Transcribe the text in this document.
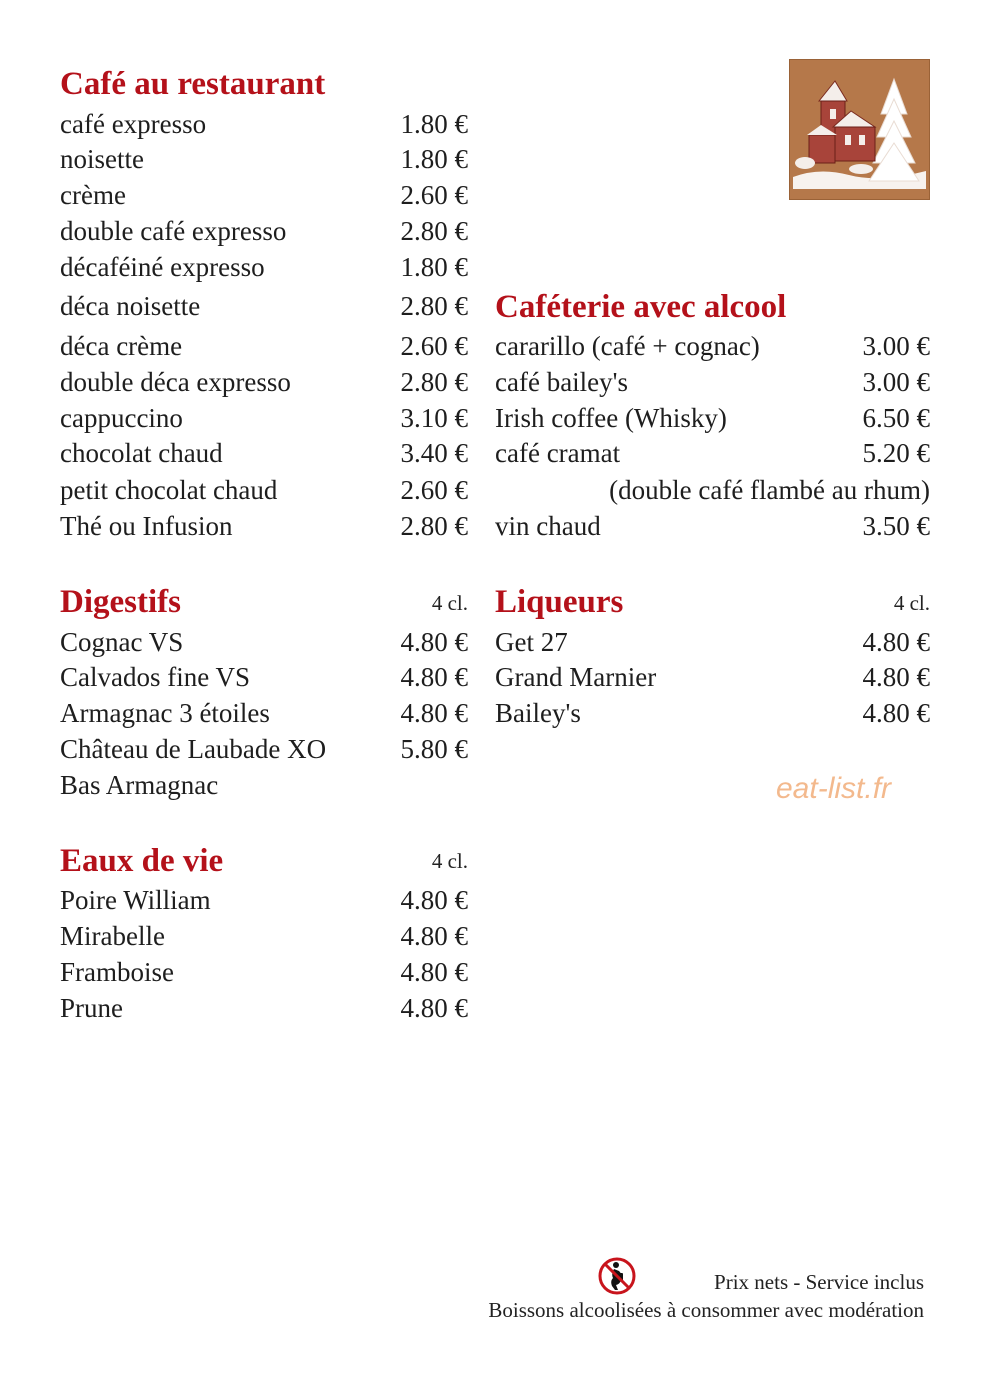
Café au restaurant
café expresso	1.80 €
noisette	1.80 €
crème	2.60 €
double café expresso	2.80 €
décaféiné expresso	1.80 €
déca noisette	2.80 €
déca crème	2.60 €
double déca expresso	2.80 €
cappuccino	3.10 €
chocolat chaud	3.40 €
petit chocolat chaud	2.60 €
Thé ou Infusion	2.80 €
Caféterie avec alcool
cararillo (café + cognac)	3.00 €
café bailey's	3.00 €
Irish coffee (Whisky)	6.50 €
café cramat	5.20 €
(double café flambé au rhum)
vin chaud	3.50 €
Digestifs	4 cl.
Cognac VS	4.80 €
Calvados fine VS	4.80 €
Armagnac 3 étoiles	4.80 €
Château de Laubade XO	5.80 €
Bas Armagnac
Liqueurs	4 cl.
Get 27	4.80 €
Grand Marnier	4.80 €
Bailey's	4.80 €
eat-list.fr
Eaux de vie	4 cl.
Poire William	4.80 €
Mirabelle	4.80 €
Framboise	4.80 €
Prune	4.80 €
Prix nets - Service inclus
Boissons alcoolisées à consommer avec modération
